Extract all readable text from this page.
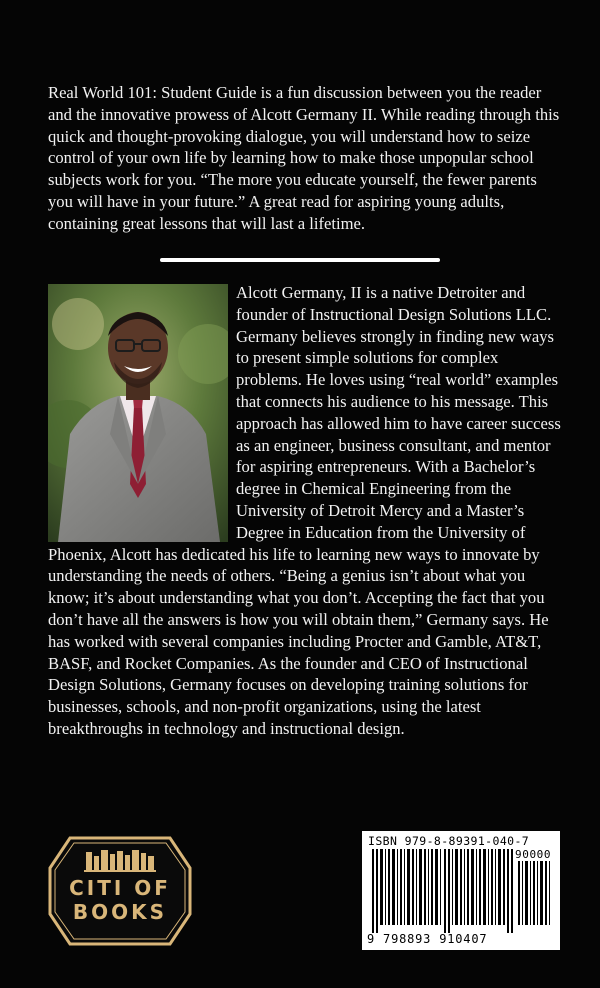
Real World 101: Student Guide is a fun discussion between you the reader and the innovative prowess of Alcott Germany II. While reading through this quick and thought-provoking dialogue, you will understand how to seize control of your own life by learning how to make those unpopular school subjects work for you. “The more you educate yourself, the fewer parents you will have in your future.” A great read for aspiring young adults, containing great lessons that will last a lifetime.

Alcott Germany, II is a native Detroiter and founder of Instructional Design Solutions LLC. Germany believes strongly in finding new ways to present simple solutions for complex problems. He loves using “real world” examples that connects his audience to his message. This approach has allowed him to have career success as an engineer, business consultant, and mentor for aspiring entrepreneurs. With a Bachelor’s degree in Chemical Engineering from the University of Detroit Mercy and a Master’s Degree in Education from the University of Phoenix, Alcott has dedicated his life to learning new ways to innovate by understanding the needs of others. “Being a genius isn’t about what you know; it’s about understanding what you don’t. Accepting the fact that you don’t have all the answers is how you will obtain them,” Germany says. He has worked with several companies including Procter and Gamble, AT&T, BASF, and Rocket Companies. As the founder and CEO of Instructional Design Solutions, Germany focuses on developing training solutions for businesses, schools, and non-profit organizations, using the latest breakthroughs in technology and instructional design.
CITI OF
BOOKS
ISBN 979-8-89391-040-7
90000
9 798893 910407
